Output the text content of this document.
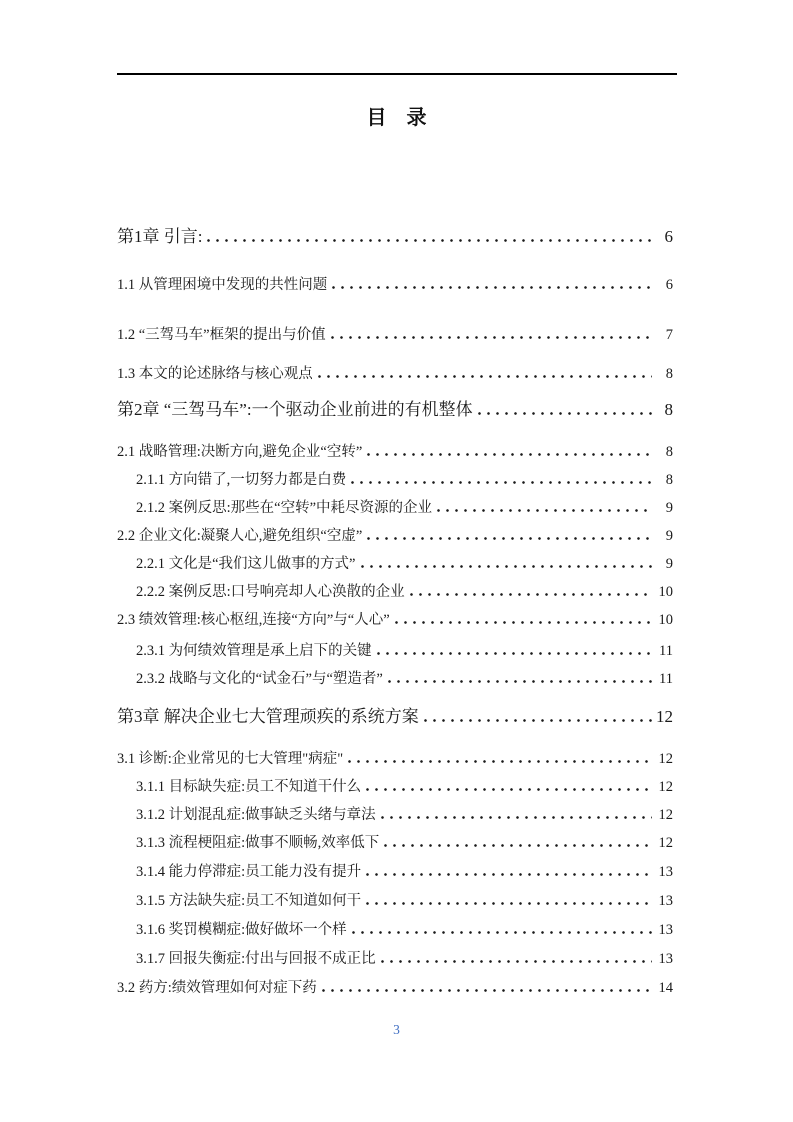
目　录
第1章 引言:	6
1.1 从管理困境中发现的共性问题	6
1.2 “三驾马车”框架的提出与价值	7
1.3 本文的论述脉络与核心观点	8
第2章 “三驾马车”:一个驱动企业前进的有机整体	8
2.1 战略管理:决断方向,避免企业“空转”	8
2.1.1 方向错了,一切努力都是白费	8
2.1.2 案例反思:那些在“空转”中耗尽资源的企业	9
2.2 企业文化:凝聚人心,避免组织“空虚”	9
2.2.1 文化是“我们这儿做事的方式”	9
2.2.2 案例反思:口号响亮却人心涣散的企业	10
2.3 绩效管理:核心枢纽,连接“方向”与“人心”	10
2.3.1 为何绩效管理是承上启下的关键	11
2.3.2 战略与文化的“试金石”与“塑造者”	11
第3章 解决企业七大管理顽疾的系统方案	12
3.1 诊断:企业常见的七大管理"病症"	12
3.1.1 目标缺失症:员工不知道干什么	12
3.1.2 计划混乱症:做事缺乏头绪与章法	12
3.1.3 流程梗阻症:做事不顺畅,效率低下	12
3.1.4 能力停滞症:员工能力没有提升	13
3.1.5 方法缺失症:员工不知道如何干	13
3.1.6 奖罚模糊症:做好做坏一个样	13
3.1.7 回报失衡症:付出与回报不成正比	13
3.2 药方:绩效管理如何对症下药	14
3
